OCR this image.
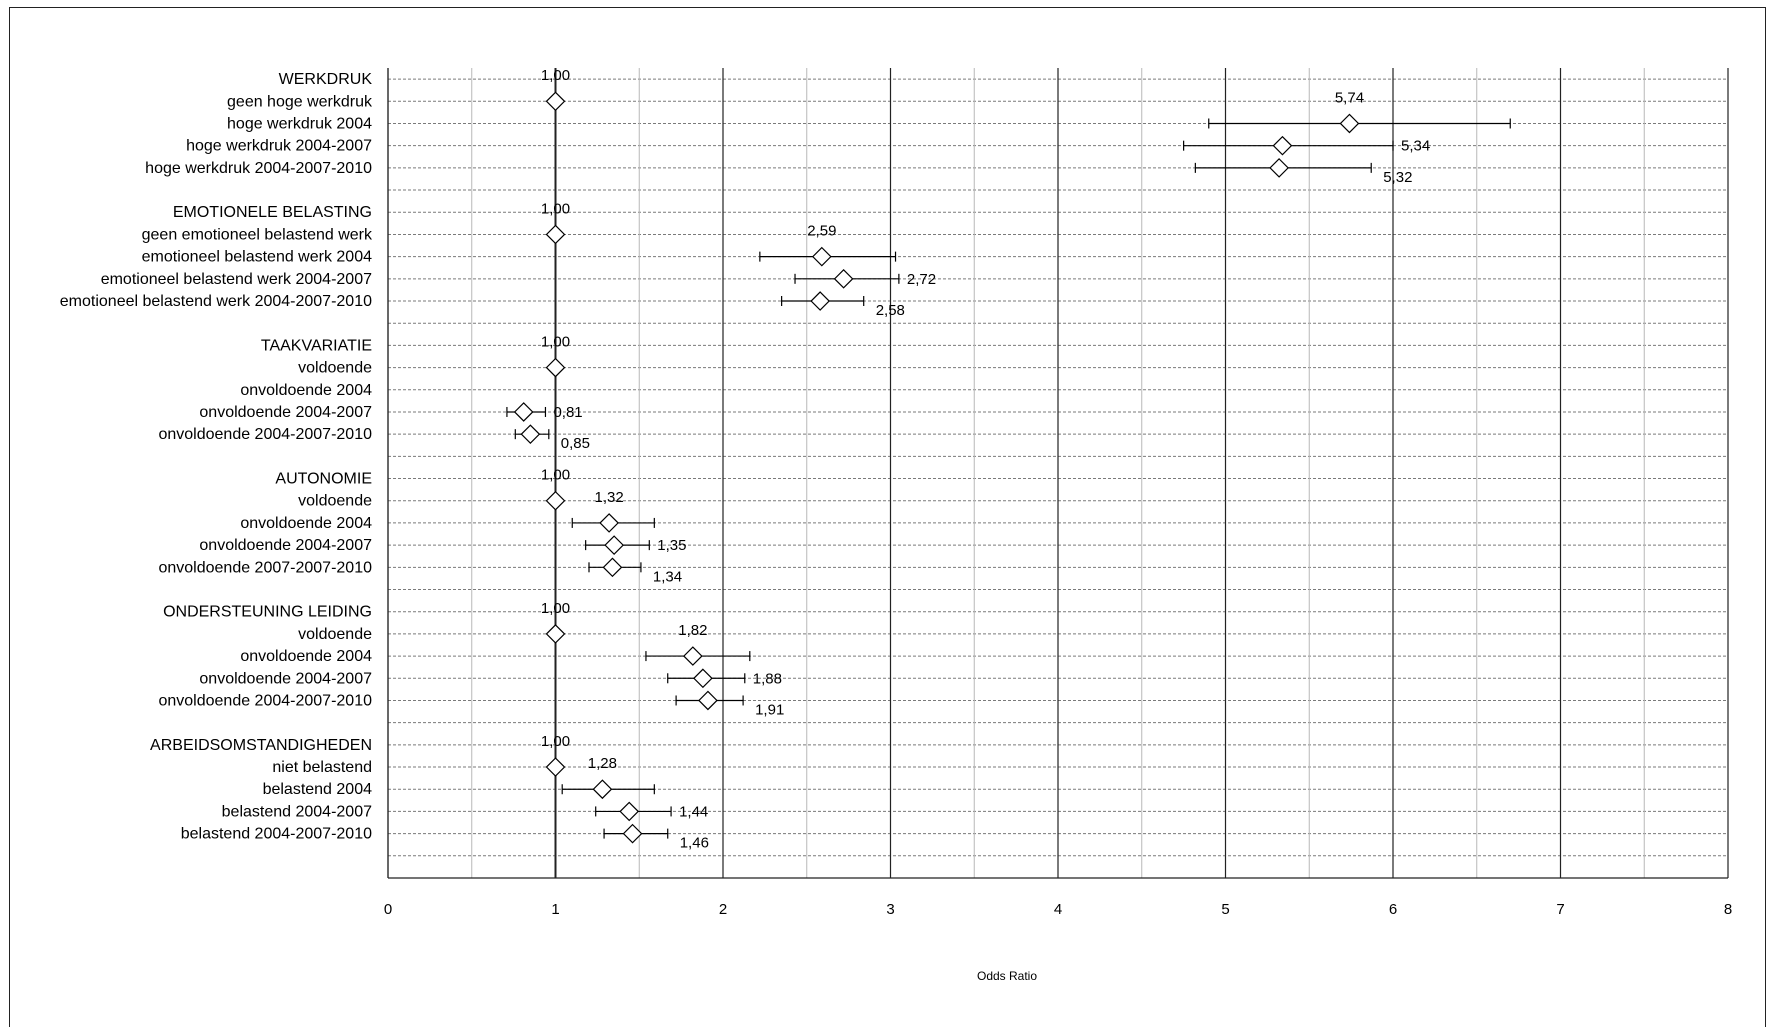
WERKDRUK
geen hoge werkdruk
hoge werkdruk 2004
hoge werkdruk 2004-2007
hoge werkdruk 2004-2007-2010
EMOTIONELE BELASTING
geen emotioneel belastend werk
emotioneel belastend werk 2004
emotioneel belastend werk 2004-2007
emotioneel belastend werk 2004-2007-2010
TAAKVARIATIE
voldoende
onvoldoende 2004
onvoldoende 2004-2007
onvoldoende 2004-2007-2010
AUTONOMIE
voldoende
onvoldoende 2004
onvoldoende 2004-2007
onvoldoende 2007-2007-2010
ONDERSTEUNING LEIDING
voldoende
onvoldoende 2004
onvoldoende 2004-2007
onvoldoende 2004-2007-2010
ARBEIDSOMSTANDIGHEDEN
niet belastend
belastend 2004
belastend 2004-2007
belastend 2004-2007-2010
1,00
5,74
5,34
5,32
1,00
2,59
2,72
2,58
1,00
0,81
0,85
1,00
1,32
1,35
1,34
1,00
1,82
1,88
1,91
1,00
1,28
1,44
1,46
0	1	2	3	4	5	6	7	8
Odds Ratio
